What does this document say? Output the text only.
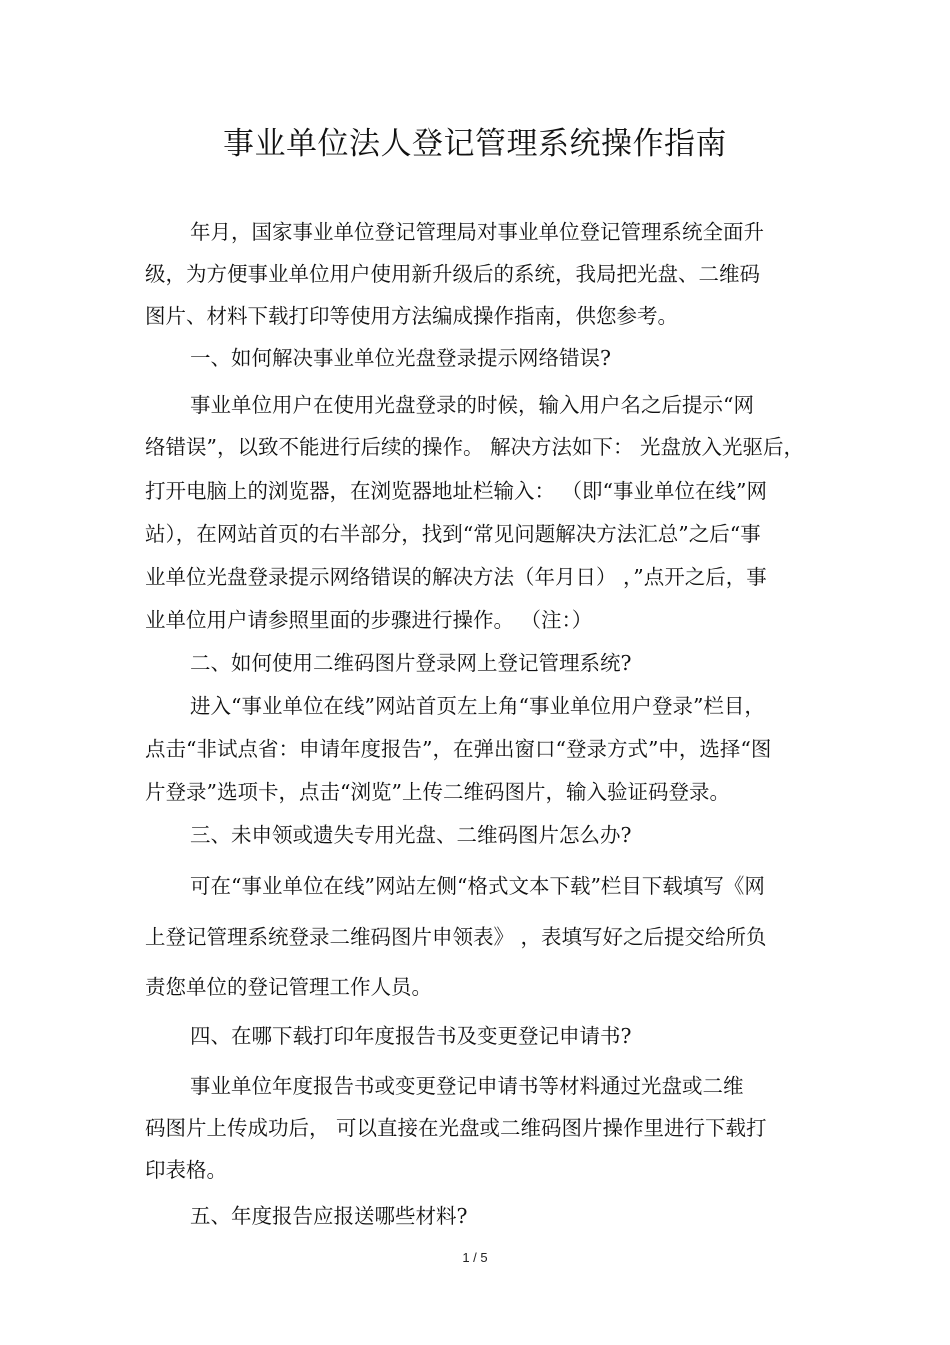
事业单位法人登记管理系统操作指南
年月，国家事业单位登记管理局对事业单位登记管理系统全面升
级，为方便事业单位用户使用新升级后的系统，我局把光盘、二维码
图片、材料下载打印等使用方法编成操作指南，供您参考。
一、如何解决事业单位光盘登录提示网络错误?
事业单位用户在使用光盘登录的时候，输入用户名之后提示“网
络错误”，以致不能进行后续的操作。 解决方法如下： 光盘放入光驱后，
打开电脑上的浏览器，在浏览器地址栏输入： （即“事业单位在线”网
站），在网站首页的右半部分，找到“常见问题解决方法汇总”之后“事
业单位光盘登录提示网络错误的解决方法（年月日） ，”点开之后，事
业单位用户请参照里面的步骤进行操作。 （注：）
二、如何使用二维码图片登录网上登记管理系统?
进入“事业单位在线”网站首页左上角“事业单位用户登录”栏目，
点击“非试点省：申请年度报告”，在弹出窗口“登录方式”中，选择“图
片登录”选项卡，点击“浏览”上传二维码图片，输入验证码登录。
三、未申领或遗失专用光盘、二维码图片怎么办?
可在“事业单位在线”网站左侧“格式文本下载”栏目下载填写《网
上登记管理系统登录二维码图片申领表》 ，表填写好之后提交给所负
责您单位的登记管理工作人员。
四、在哪下载打印年度报告书及变更登记申请书?
事业单位年度报告书或变更登记申请书等材料通过光盘或二维
码图片上传成功后， 可以直接在光盘或二维码图片操作里进行下载打
印表格。
五、年度报告应报送哪些材料?
1 / 5
